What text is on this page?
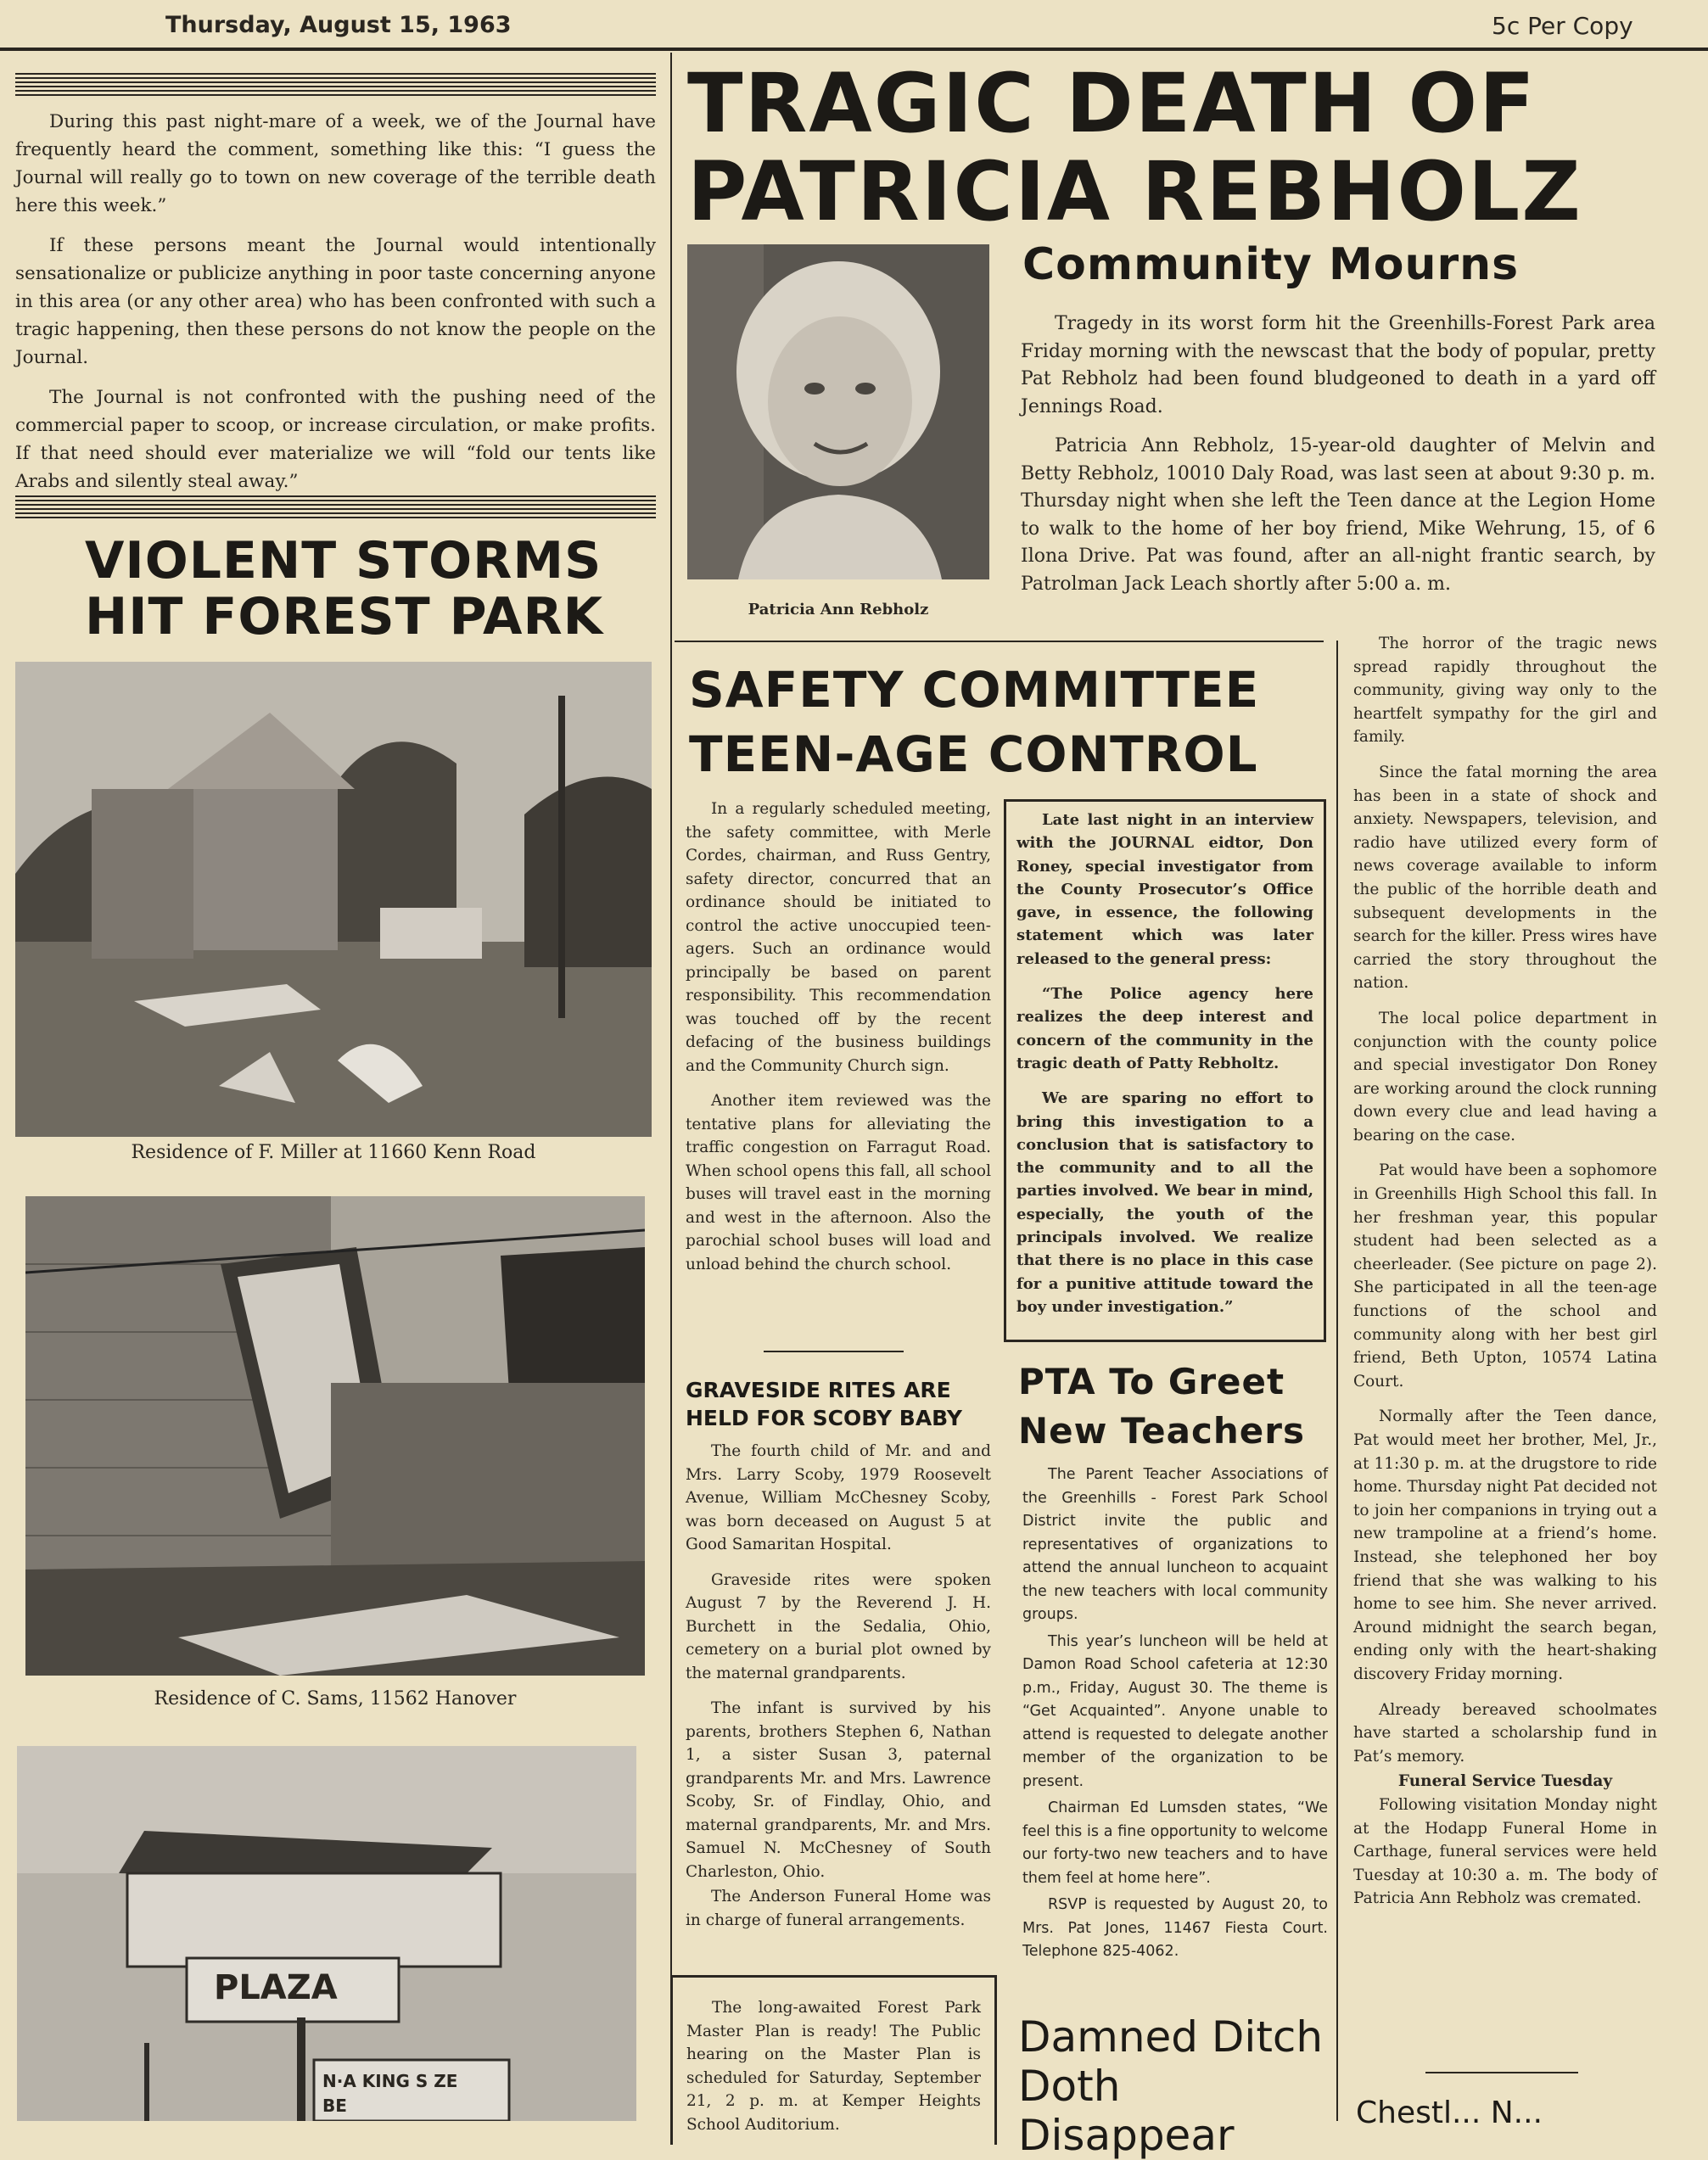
Thursday, August 15, 1963	5c Per Copy

During this past night-mare of a week, we of the Journal have frequently heard the comment, something like this: “I guess the Journal will really go to town on new coverage of the terrible death here this week.”

If these persons meant the Journal would intentionally sensationalize or publicize anything in poor taste concerning anyone in this area (or any other area) who has been confronted with such a tragic happening, then these persons do not know the people on the Journal.

The Journal is not confronted with the pushing need of the commercial paper to scoop, or increase circulation, or make profits. If that need should ever materialize we will “fold our tents like Arabs and silently steal away.”

VIOLENT STORMS
HIT FOREST PARK
Residence of F. Miller at 11660 Kenn Road
Residence of C. Sams, 11562 Hanover
PLAZA
N·A KING S ZE
BE
TRAGIC DEATH OF
PATRICIA REBHOLZ
Patricia Ann Rebholz
Community Mourns

Tragedy in its worst form hit the Greenhills-Forest Park area Friday morning with the newscast that the body of popular, pretty Pat Rebholz had been found bludgeoned to death in a yard off Jennings Road.

Patricia Ann Rebholz, 15-year-old daughter of Melvin and Betty Rebholz, 10010 Daly Road, was last seen at about 9:30 p. m. Thursday night when she left the Teen dance at the Legion Home to walk to the home of her boy friend, Mike Wehrung, 15, of 6 Ilona Drive. Pat was found, after an all-night frantic search, by Patrolman Jack Leach shortly after 5:00 a. m.

The horror of the tragic news spread rapidly throughout the community, giving way only to the heartfelt sympathy for the girl and family.

Since the fatal morning the area has been in a state of shock and anxiety. Newspapers, television, and radio have utilized every form of news coverage available to inform the public of the horrible death and subsequent developments in the search for the killer. Press wires have carried the story throughout the nation.

The local police department in conjunction with the county police and special investigator Don Roney are working around the clock running down every clue and lead having a bearing on the case.

Pat would have been a sophomore in Greenhills High School this fall. In her freshman year, this popular student had been selected as a cheerleader. (See picture on page 2). She participated in all the teen-age functions of the school and community along with her best girl friend, Beth Upton, 10574 Latina Court.

Normally after the Teen dance, Pat would meet her brother, Mel, Jr., at 11:30 p. m. at the drugstore to ride home. Thursday night Pat decided not to join her companions in trying out a new trampoline at a friend’s home. Instead, she telephoned her boy friend that she was walking to his home to see him. She never arrived. Around midnight the search began, ending only with the heart-shaking discovery Friday morning.

Already bereaved schoolmates have started a scholarship fund in Pat’s memory.

Funeral Service Tuesday

Following visitation Monday night at the Hodapp Funeral Home in Carthage, funeral services were held Tuesday at 10:30 a. m. The body of Patricia Ann Rebholz was cremated.

Chestl... N...
SAFETY COMMITTEE
TEEN-AGE CONTROL

In a regularly scheduled meeting, the safety committee, with Merle Cordes, chairman, and Russ Gentry, safety director, concurred that an ordinance should be initiated to control the active unoccupied teen-agers. Such an ordinance would principally be based on parent responsibility. This recommendation was touched off by the recent defacing of the business buildings and the Community Church sign.

Another item reviewed was the tentative plans for alleviating the traffic congestion on Farragut Road. When school opens this fall, all school buses will travel east in the morning and west in the afternoon. Also the parochial school buses will load and unload behind the church school.

Late last night in an interview with the JOURNAL eidtor, Don Roney, special investigator from the County Prosecutor’s Office gave, in essence, the following statement which was later released to the general press:

“The Police agency here realizes the deep interest and concern of the community in the tragic death of Patty Rebholtz.

We are sparing no effort to bring this investigation to a conclusion that is satisfactory to the community and to all the parties involved. We bear in mind, especially, the youth of the principals involved. We realize that there is no place in this case for a punitive attitude toward the boy under investigation.”

GRAVESIDE RITES ARE
HELD FOR SCOBY BABY

The fourth child of Mr. and and Mrs. Larry Scoby, 1979 Roosevelt Avenue, William McChesney Scoby, was born deceased on August 5 at Good Samaritan Hospital.

Graveside rites were spoken August 7 by the Reverend J. H. Burchett in the Sedalia, Ohio, cemetery on a burial plot owned by the maternal grandparents.

The infant is survived by his parents, brothers Stephen 6, Nathan 1, a sister Susan 3, paternal grandparents Mr. and Mrs. Lawrence Scoby, Sr. of Findlay, Ohio, and maternal grandparents, Mr. and Mrs. Samuel N. McChesney of South Charleston, Ohio.

The Anderson Funeral Home was in charge of funeral arrangements.

The long-awaited Forest Park Master Plan is ready! The Public hearing on the Master Plan is scheduled for Saturday, September 21, 2 p. m. at Kemper Heights School Auditorium.

PTA To Greet
New Teachers

The Parent Teacher Associations of the Greenhills - Forest Park School District invite the public and representatives of organizations to attend the annual luncheon to acquaint the new teachers with local community groups.

This year’s luncheon will be held at Damon Road School cafeteria at 12:30 p.m., Friday, August 30. The theme is “Get Acquainted”. Anyone unable to attend is requested to delegate another member of the organization to be present.

Chairman Ed Lumsden states, “We feel this is a fine opportunity to welcome our forty-two new teachers and to have them feel at home here”.

RSVP is requested by August 20, to Mrs. Pat Jones, 11467 Fiesta Court. Telephone 825-4062.

Damned Ditch
Doth Disappear
